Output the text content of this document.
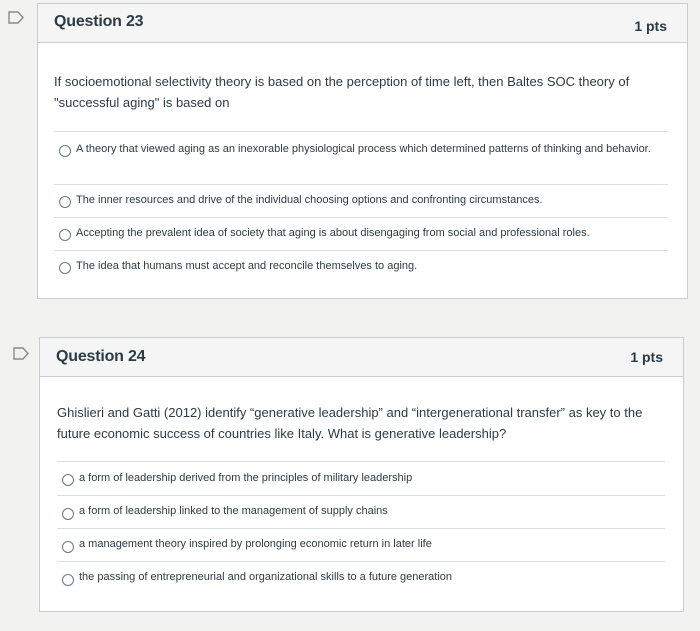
Question 23	1 pts
If socioemotional selectivity theory is based on the perception of time left, then Baltes SOC theory of "successful aging" is based on
A theory that viewed aging as an inexorable physiological process which determined patterns of thinking and behavior.
The inner resources and drive of the individual choosing options and confronting circumstances.
Accepting the prevalent idea of society that aging is about disengaging from social and professional roles.
The idea that humans must accept and reconcile themselves to aging.
Question 24	1 pts
Ghislieri and Gatti (2012) identify “generative leadership” and “intergenerational transfer” as key to the future economic success of countries like Italy. What is generative leadership?
a form of leadership derived from the principles of military leadership
a form of leadership linked to the management of supply chains
a management theory inspired by prolonging economic return in later life
the passing of entrepreneurial and organizational skills to a future generation
